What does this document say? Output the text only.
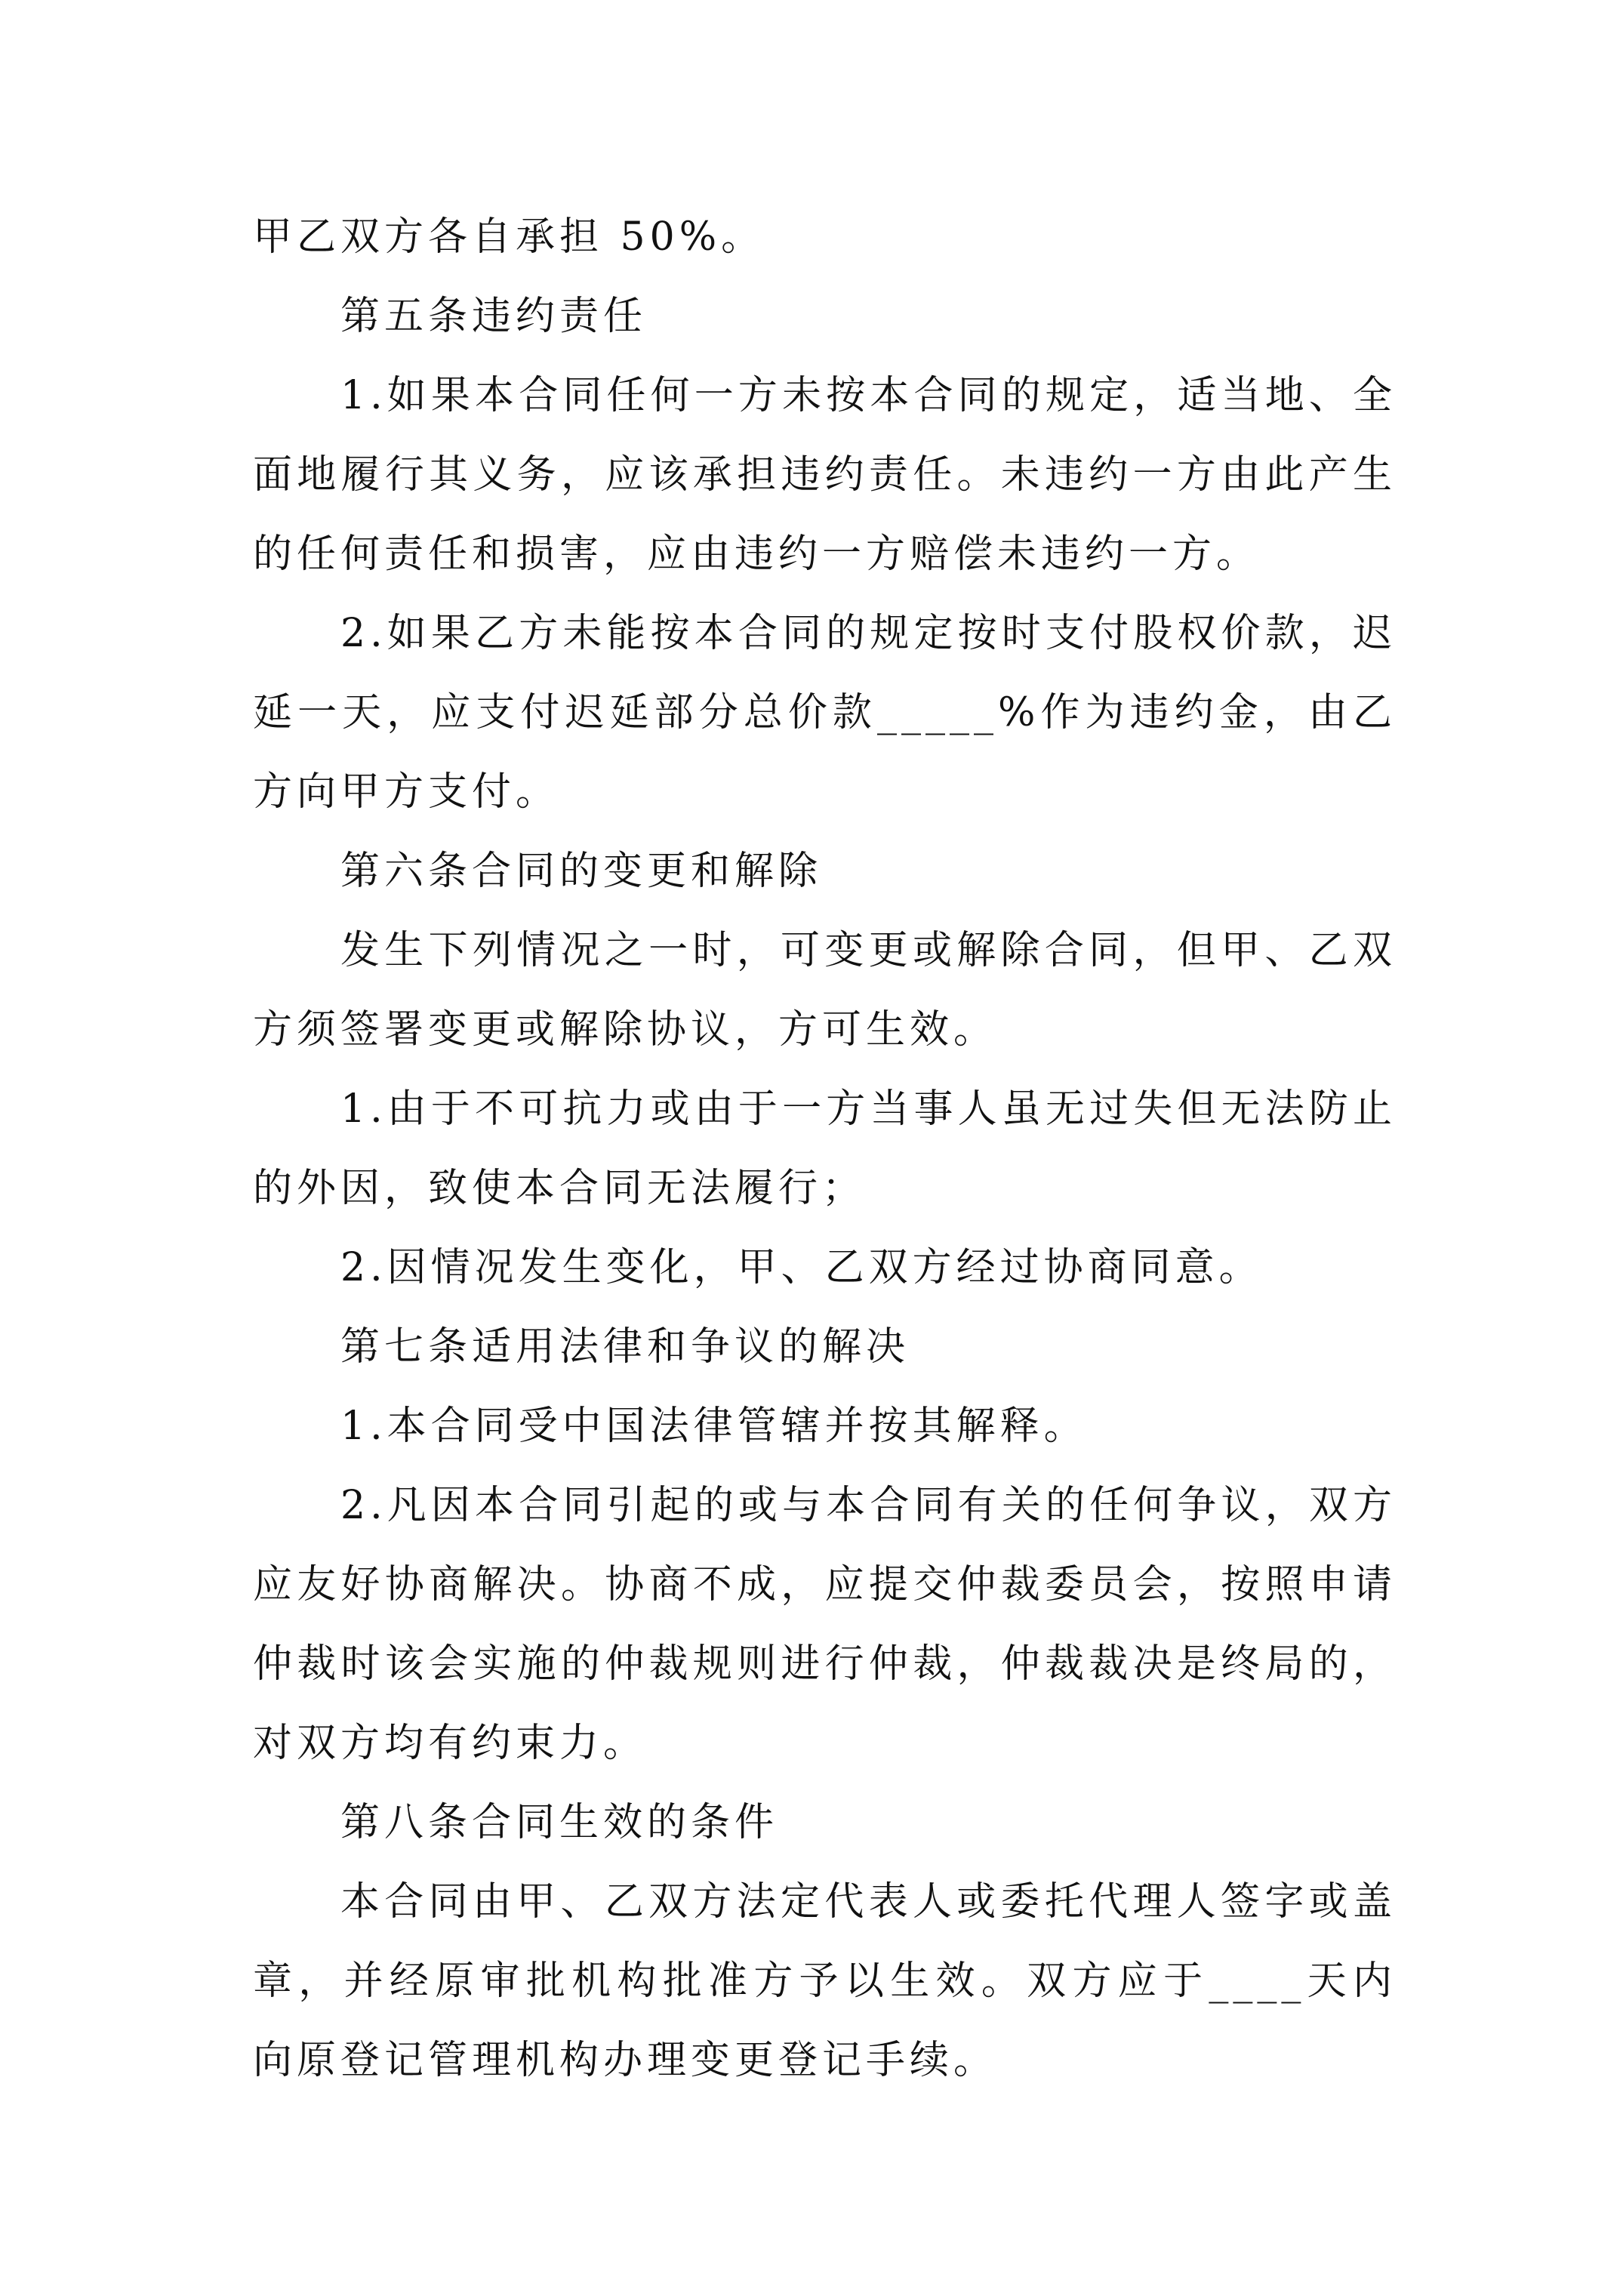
甲乙双方各自承担 50%。

第五条违约责任

1.如果本合同任何一方未按本合同的规定，适当地、全面地履行其义务，应该承担违约责任。未违约一方由此产生的任何责任和损害，应由违约一方赔偿未违约一方。

2.如果乙方未能按本合同的规定按时支付股权价款，迟延一天，应支付迟延部分总价款_____%作为违约金，由乙方向甲方支付。

第六条合同的变更和解除

发生下列情况之一时，可变更或解除合同，但甲、乙双方须签署变更或解除协议，方可生效。

1.由于不可抗力或由于一方当事人虽无过失但无法防止的外因，致使本合同无法履行；

2.因情况发生变化，甲、乙双方经过协商同意。

第七条适用法律和争议的解决

1.本合同受中国法律管辖并按其解释。

2.凡因本合同引起的或与本合同有关的任何争议，双方应友好协商解决。协商不成，应提交仲裁委员会，按照申请仲裁时该会实施的仲裁规则进行仲裁，仲裁裁决是终局的，对双方均有约束力。

第八条合同生效的条件

本合同由甲、乙双方法定代表人或委托代理人签字或盖章，并经原审批机构批准方予以生效。双方应于____天内向原登记管理机构办理变更登记手续。
